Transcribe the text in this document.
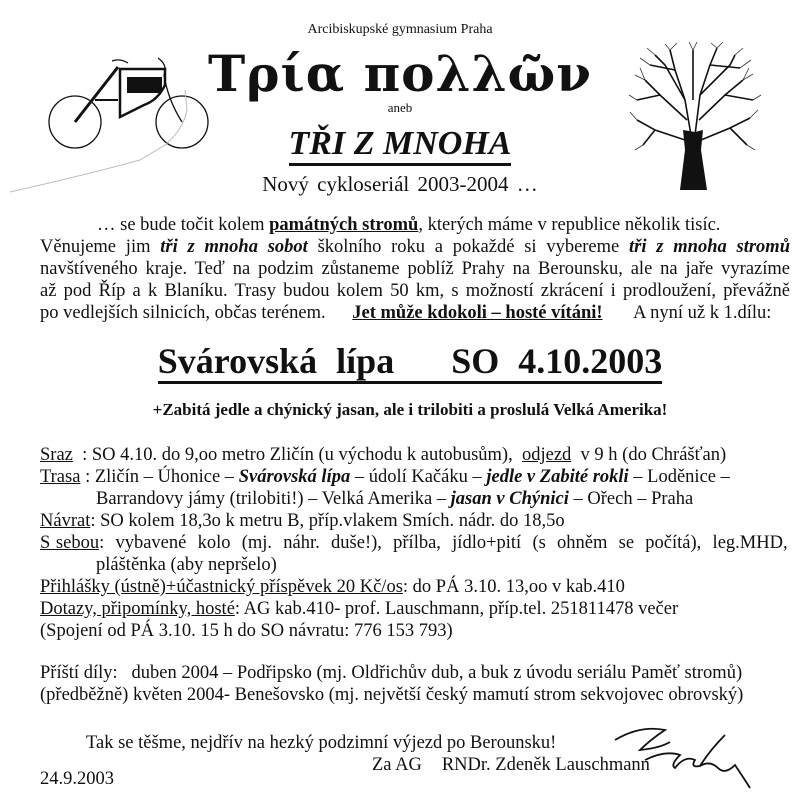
Arcibiskupské gymnasium Praha
Τρία πολλῶν
aneb
TŘI Z MNOHA
Nový cykloseriál 2003-2004 …
… se bude točit kolem památných stromů, kterých máme v republice několik tisíc.
Věnujeme jim tři z mnoha sobot školního roku a pokaždé si vybereme tři z mnoha stromů
navštíveného kraje. Teď na podzim zůstaneme poblíž Prahy na Berounsku, ale na jaře vyrazíme
až pod Říp a k Blaníku. Trasy budou kolem 50 km, s možností zkrácení i prodloužení, převážně
po vedlejších silnicích, občas terénem. Jet může kdokoli – hosté vítáni! A nyní už k 1.dílu:
Svárovská lípa   SO 4.10.2003
+Zabitá jedle a chýnický jasan, ale i trilobiti a proslulá Velká Amerika!
Sraz  : SO 4.10. do 9,oo metro Zličín (u východu k autobusům),  odjezd  v 9 h (do Chrášťan)
Trasa : Zličín – Úhonice – Svárovská lípa – údolí Kačáku – jedle v Zabité rokli – Loděnice –
Barrandovy jámy (trilobiti!) – Velká Amerika – jasan v Chýnici – Ořech – Praha
Návrat: SO kolem 18,3o k metru B, příp.vlakem Smích. nádr. do 18,5o
S sebou:  vybavené  kolo  (mj.  náhr.  duše!),  přílba,  jídlo+pití  (s  ohněm  se  počítá),  leg.MHD,
pláštěnka (aby nepršelo)
Přihlášky (ústně)+účastnický příspěvek 20 Kč/os: do PÁ 3.10. 13,oo v kab.410
Dotazy, připomínky, hosté: AG kab.410- prof. Lauschmann, příp.tel. 251811478 večer
(Spojení od PÁ 3.10. 15 h do SO návratu: 776 153 793)
Příští díly:   duben 2004 – Podřipsko (mj. Oldřichův dub, a buk z úvodu seriálu Paměť stromů)
(předběžně) květen 2004- Benešovsko (mj. největší český mamutí strom sekvojovec obrovský)
Tak se těšme, nejdřív na hezký podzimní výjezd po Berounsku!
Za AG RNDr. Zdeněk Lauschmann
24.9.2003
